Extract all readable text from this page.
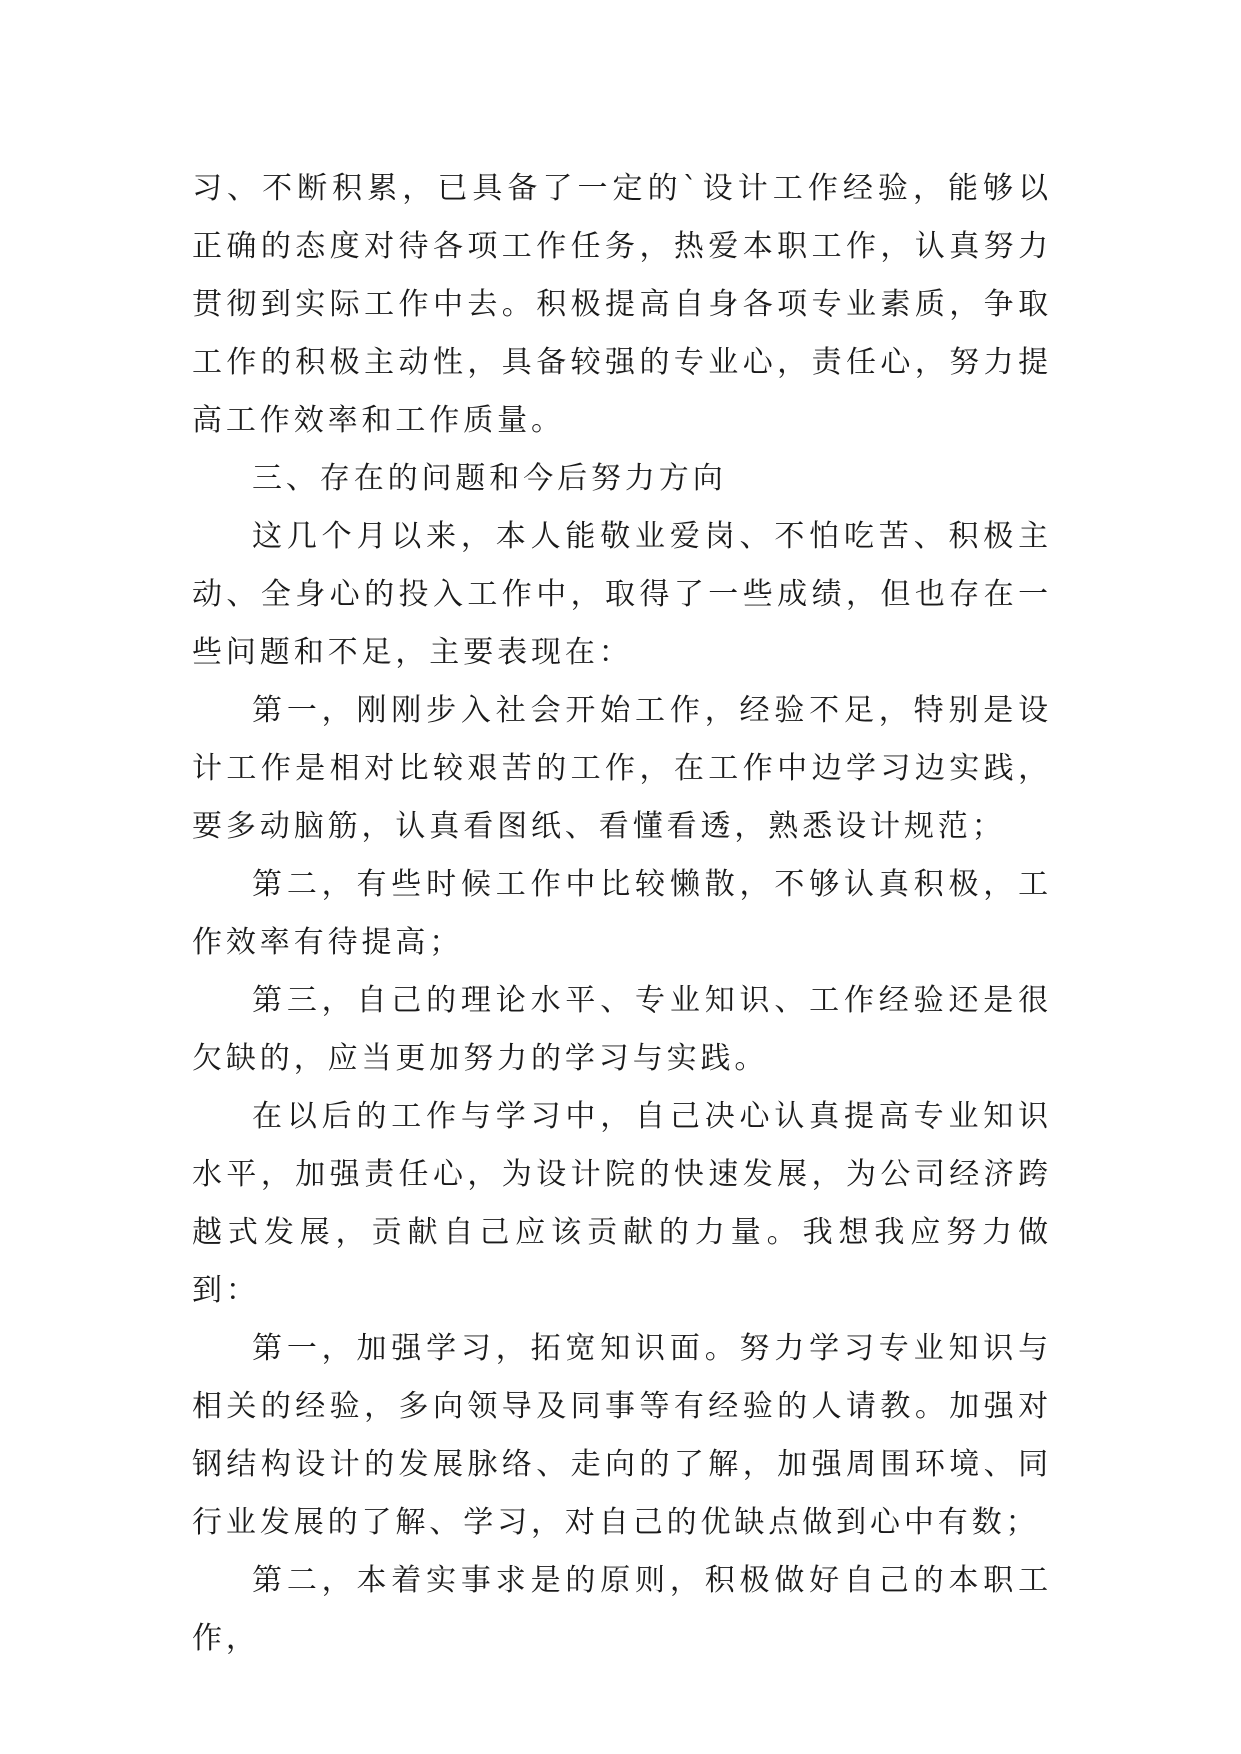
习、不断积累，已具备了一定的`设计工作经验，能够以正确的态度对待各项工作任务，热爱本职工作，认真努力贯彻到实际工作中去。积极提高自身各项专业素质，争取工作的积极主动性，具备较强的专业心，责任心，努力提高工作效率和工作质量。

三、存在的问题和今后努力方向

这几个月以来，本人能敬业爱岗、不怕吃苦、积极主动、全身心的投入工作中，取得了一些成绩，但也存在一些问题和不足，主要表现在：

第一，刚刚步入社会开始工作，经验不足，特别是设计工作是相对比较艰苦的工作，在工作中边学习边实践，要多动脑筋，认真看图纸、看懂看透，熟悉设计规范；

第二，有些时候工作中比较懒散，不够认真积极，工作效率有待提高；

第三，自己的理论水平、专业知识、工作经验还是很欠缺的，应当更加努力的学习与实践。

在以后的工作与学习中，自己决心认真提高专业知识水平，加强责任心，为设计院的快速发展，为公司经济跨越式发展，贡献自己应该贡献的力量。我想我应努力做到：

第一，加强学习，拓宽知识面。努力学习专业知识与相关的经验，多向领导及同事等有经验的人请教。加强对钢结构设计的发展脉络、走向的了解，加强周围环境、同行业发展的了解、学习，对自己的优缺点做到心中有数；

第二，本着实事求是的原则，积极做好自己的本职工作，
